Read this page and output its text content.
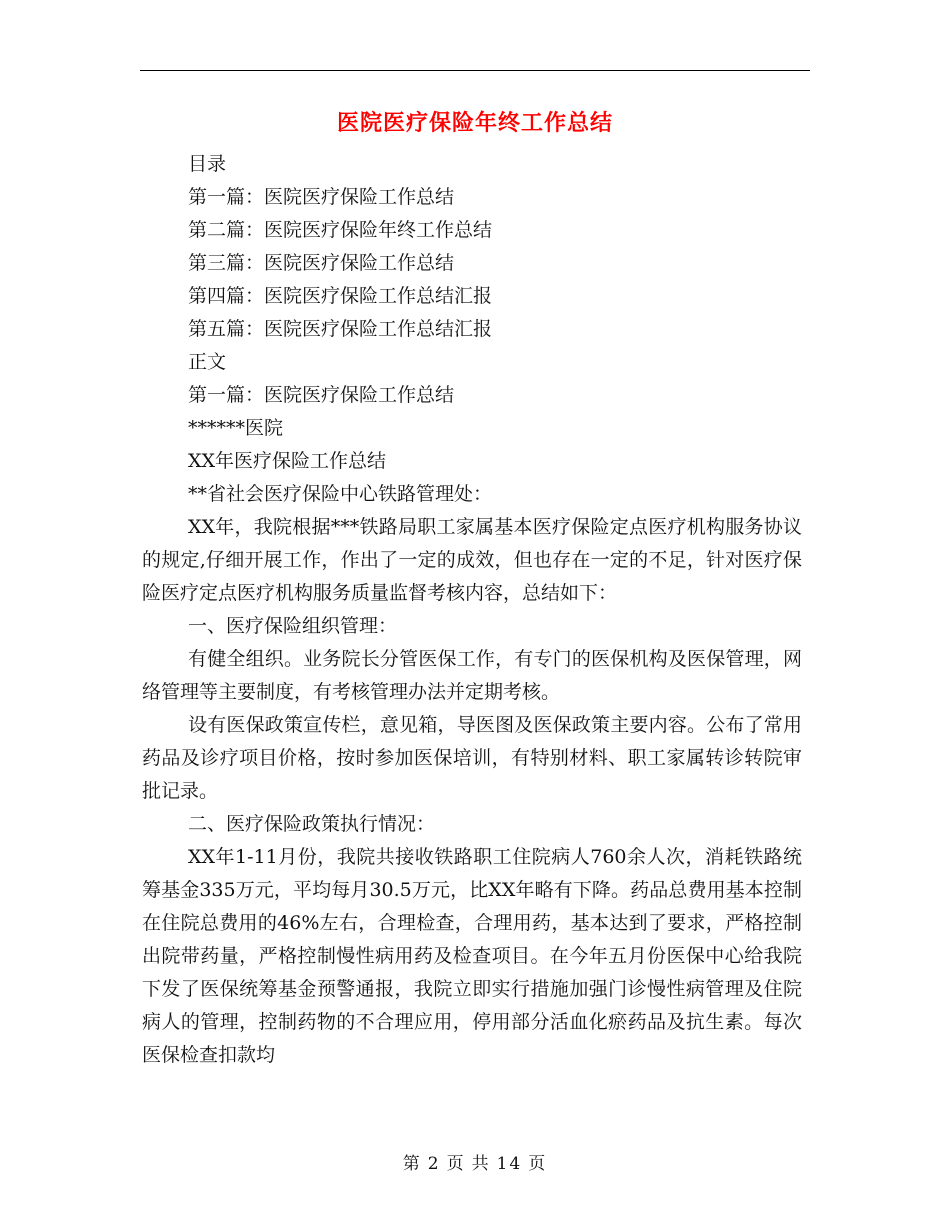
医院医疗保险年终工作总结
目录
第一篇：医院医疗保险工作总结
第二篇：医院医疗保险年终工作总结
第三篇：医院医疗保险工作总结
第四篇：医院医疗保险工作总结汇报
第五篇：医院医疗保险工作总结汇报
正文
第一篇：医院医疗保险工作总结
******医院
XX年医疗保险工作总结
**省社会医疗保险中心铁路管理处：

XX年，我院根据***铁路局职工家属基本医疗保险定点医疗机构服务协议的规定,仔细开展工作，作出了一定的成效，但也存在一定的不足，针对医疗保险医疗定点医疗机构服务质量监督考核内容，总结如下：

一、医疗保险组织管理：

有健全组织。业务院长分管医保工作，有专门的医保机构及医保管理，网络管理等主要制度，有考核管理办法并定期考核。

设有医保政策宣传栏，意见箱，导医图及医保政策主要内容。公布了常用药品及诊疗项目价格，按时参加医保培训，有特别材料、职工家属转诊转院审批记录。

二、医疗保险政策执行情况：

XX年1-11月份，我院共接收铁路职工住院病人760余人次，消耗铁路统筹基金335万元，平均每月30.5万元，比XX年略有下降。药品总费用基本控制在住院总费用的46%左右，合理检查，合理用药，基本达到了要求，严格控制出院带药量，严格控制慢性病用药及检查项目。在今年五月份医保中心给我院下发了医保统筹基金预警通报，我院立即实行措施加强门诊慢性病管理及住院病人的管理，控制药物的不合理应用，停用部分活血化瘀药品及抗生素。每次医保检查扣款均

第 2 页 共 14 页
